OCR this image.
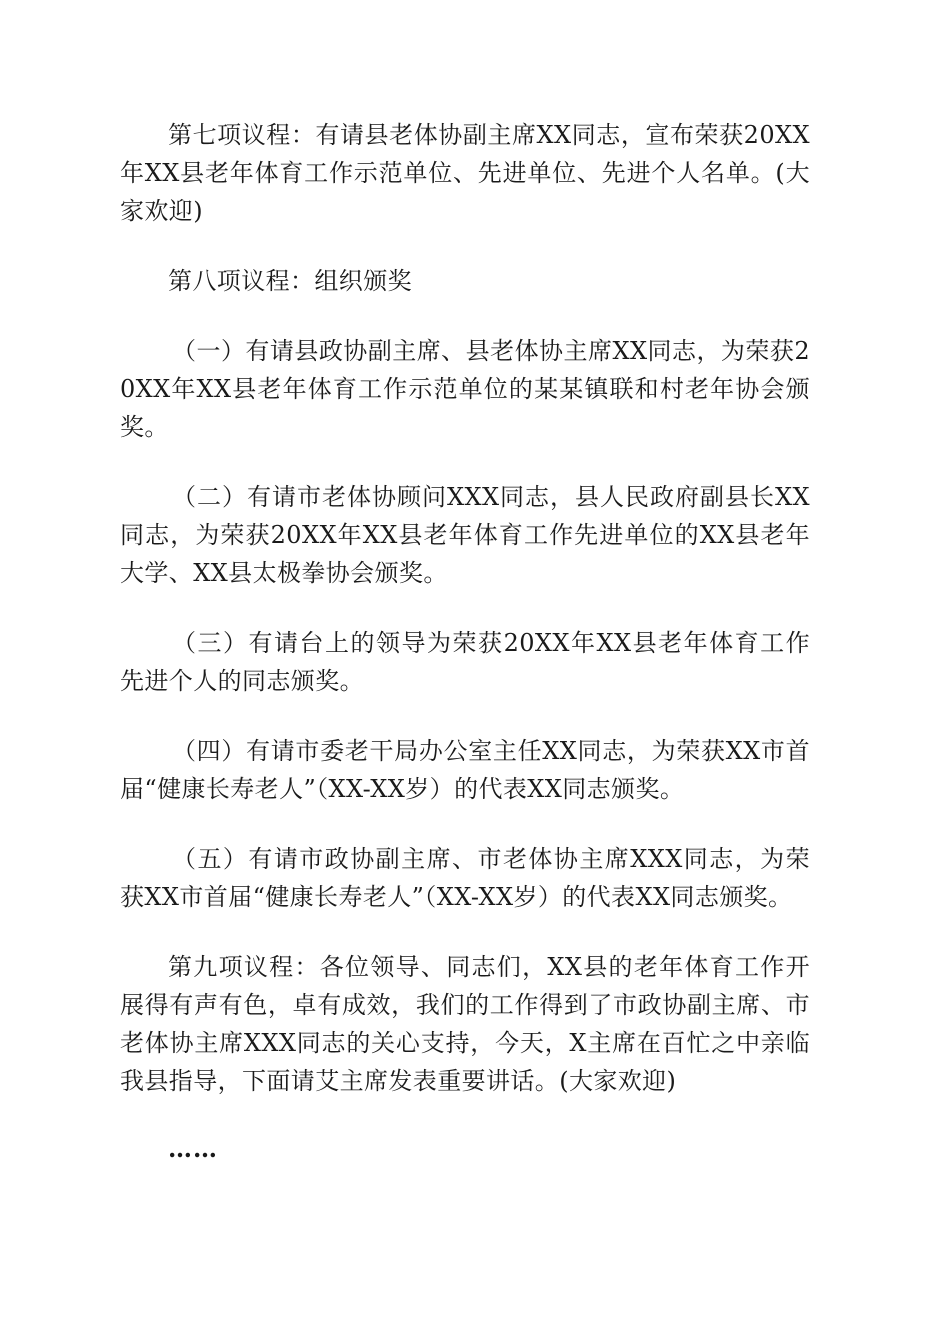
第七项议程：有请县老体协副主席XX同志，宣布荣获20XX年XX县老年体育工作示范单位、先进单位、先进个人名单。(大家欢迎)

第八项议程：组织颁奖

（一）有请县政协副主席、县老体协主席XX同志，为荣获20XX年XX县老年体育工作示范单位的某某镇联和村老年协会颁奖。

（二）有请市老体协顾问XXX同志，县人民政府副县长XX同志，为荣获20XX年XX县老年体育工作先进单位的XX县老年大学、XX县太极拳协会颁奖。

（三）有请台上的领导为荣获20XX年XX县老年体育工作先进个人的同志颁奖。

（四）有请市委老干局办公室主任XX同志，为荣获XX市首届“健康长寿老人”（XX-XX岁）的代表XX同志颁奖。

（五）有请市政协副主席、市老体协主席XXX同志，为荣获XX市首届“健康长寿老人”（XX-XX岁）的代表XX同志颁奖。

第九项议程：各位领导、同志们，XX县的老年体育工作开展得有声有色，卓有成效，我们的工作得到了市政协副主席、市老体协主席XXX同志的关心支持，今天，X主席在百忙之中亲临我县指导，下面请艾主席发表重要讲话。(大家欢迎)

……
